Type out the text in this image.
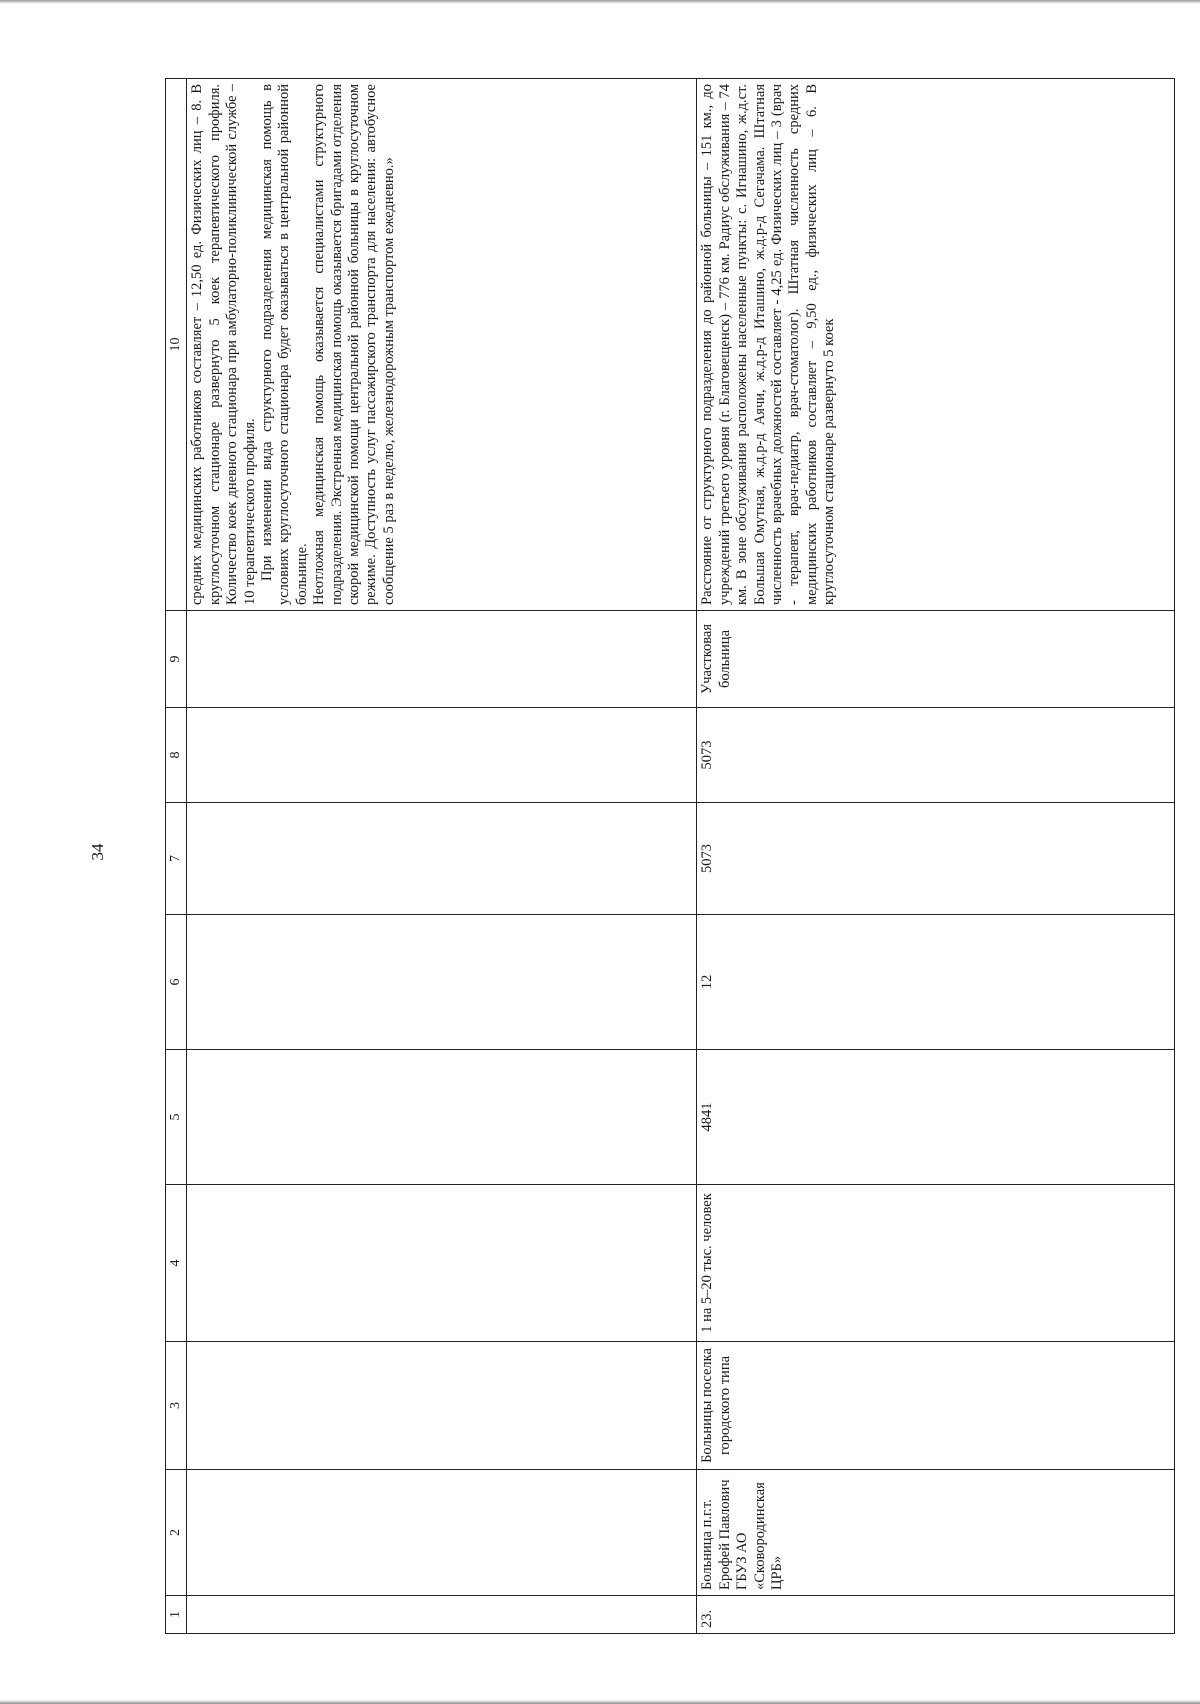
34
1	2	3	4	5	6	7	8	9	10

									средних медицинских работников составляет – 12,50 ед. Физических лиц – 8. В круглосуточном стационаре развернуто 5 коек терапевтического профиля. Количество коек дневного стационара при амбулаторно-поликлинической службе – 10 терапевтического профиля. При изменении вида структурного подразделения медицинская помощь в условиях круглосуточного стационара будет оказываться в центральной районной больнице. Неотложная медицинская помощь оказывается специалистами структурного подразделения. Экстренная медицинская помощь оказывается бригадами отделения скорой медицинской помощи центральной районной больницы в круглосуточном режиме. Доступность услуг пассажирского транспорта для населения: автобусное сообщение 5 раз в неделю, железнодорожным транспортом ежедневно.»

23.	Больница п.г.т. Ерофей Павлович ГБУЗ АО «Сковородинская ЦРБ»	Больницы поселка городского типа	1 на 5–20 тыс. человек	4841	12	5073	5073	Участковая больница	Расстояние от структурного подразделения до районной больницы – 151 км., до учреждений третьего уровня (г. Благовещенск) – 776 км. Радиус обслуживания – 74 км. В зоне обслуживания расположены населенные пункты: с. Игнашино, ж.д.ст. Большая Омутная, ж.д.р-д Аячи, ж.д.р-д Иташино, ж.д.р-д Сегачама. Штатная численность врачебных должностей составляет - 4,25 ед. Физических лиц – 3 (врач - терапевт, врач-педиатр, врач-стоматолог). Штатная численность средних медицинских работников составляет – 9,50 ед., физических лиц – 6. В круглосуточном стационаре развернуто 5 коек
